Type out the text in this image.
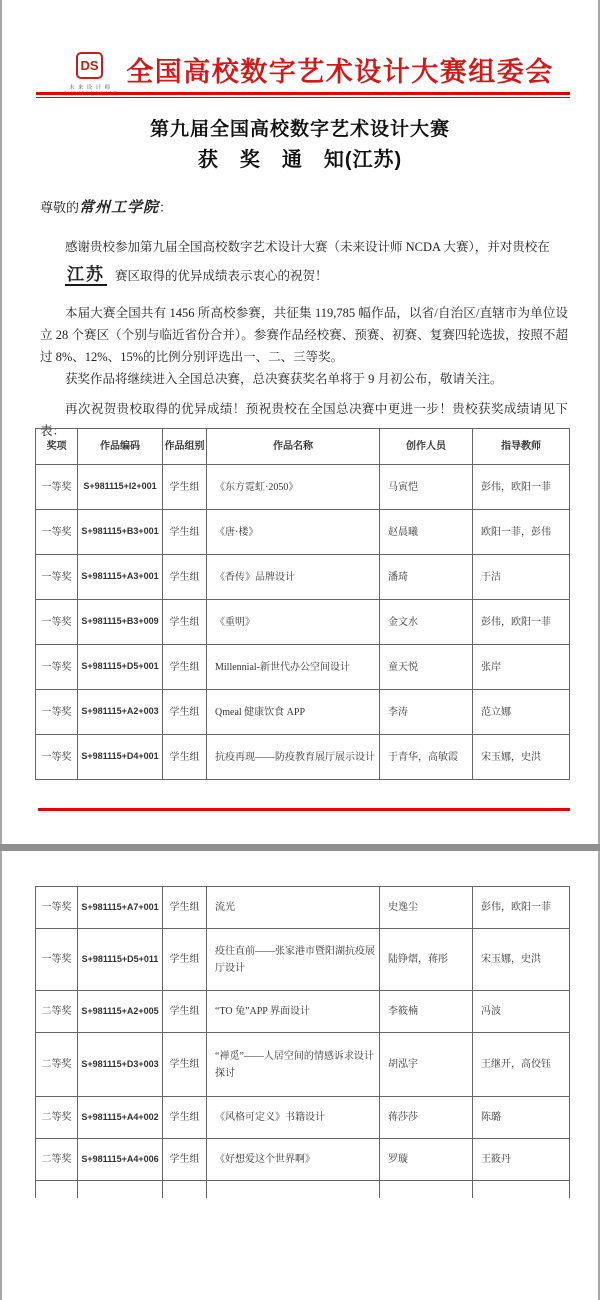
DS
未 来 设 计 师
全国高校数字艺术设计大赛
全国高校数字艺术设计大赛组委会
第九届全国高校数字艺术设计大赛
获　奖　通　知(江苏)
尊敬的常州工学院：
感谢贵校参加第九届全国高校数字艺术设计大赛（未来设计师 NCDA 大赛），并对贵校在
江苏 赛区取得的优异成绩表示衷心的祝贺！
本届大赛全国共有 1456 所高校参赛，共征集 119,785 幅作品，以省/自治区/直辖市为单位设立 28 个赛区（个别与临近省份合并）。参赛作品经校赛、预赛、初赛、复赛四轮选拔，按照不超过 8%、12%、15%的比例分别评选出一、二、三等奖。
获奖作品将继续进入全国总决赛，总决赛获奖名单将于 9 月初公布，敬请关注。
再次祝贺贵校取得的优异成绩！预祝贵校在全国总决赛中更进一步！贵校获奖成绩请见下表：
奖项	作品编码	作品组别	作品名称	创作人员	指导教师
一等奖	S+981115+I2+001	学生组	《东方霓虹·2050》	马寅恺	彭伟，欧阳一菲
一等奖	S+981115+B3+001	学生组	《唐·楼》	赵晨曦	欧阳一菲，彭伟
一等奖	S+981115+A3+001	学生组	《香传》品牌设计	潘琦	于洁
一等奖	S+981115+B3+009	学生组	《重明》	金文水	彭伟，欧阳一菲
一等奖	S+981115+D5+001	学生组	Millennial-新世代办公空间设计	童天悦	张岸
一等奖	S+981115+A2+003	学生组	Qmeal 健康饮食 APP	李涛	范立娜
一等奖	S+981115+D4+001	学生组	抗疫再现——防疫教育展厅展示设计	于青华，高敏霞	宋玉娜，史洪
一等奖	S+981115+A7+001	学生组	流光	史逸尘	彭伟，欧阳一菲
一等奖	S+981115+D5+011	学生组	疫往直前——张家港市暨阳湖抗疫展厅设计	陆铮熠，蒋彤	宋玉娜，史洪
二等奖	S+981115+A2+005	学生组	“TO 兔”APP 界面设计	李筱楠	冯波
二等奖	S+981115+D3+003	学生组	“禅觅”——人居空间的情感诉求设计探讨	胡泓宇	王继开，高佼钰
二等奖	S+981115+A4+002	学生组	《风格可定义》书籍设计	蒋莎莎	陈璐
二等奖	S+981115+A4+006	学生组	《好想爱这个世界啊》	罗璇	王筱丹
